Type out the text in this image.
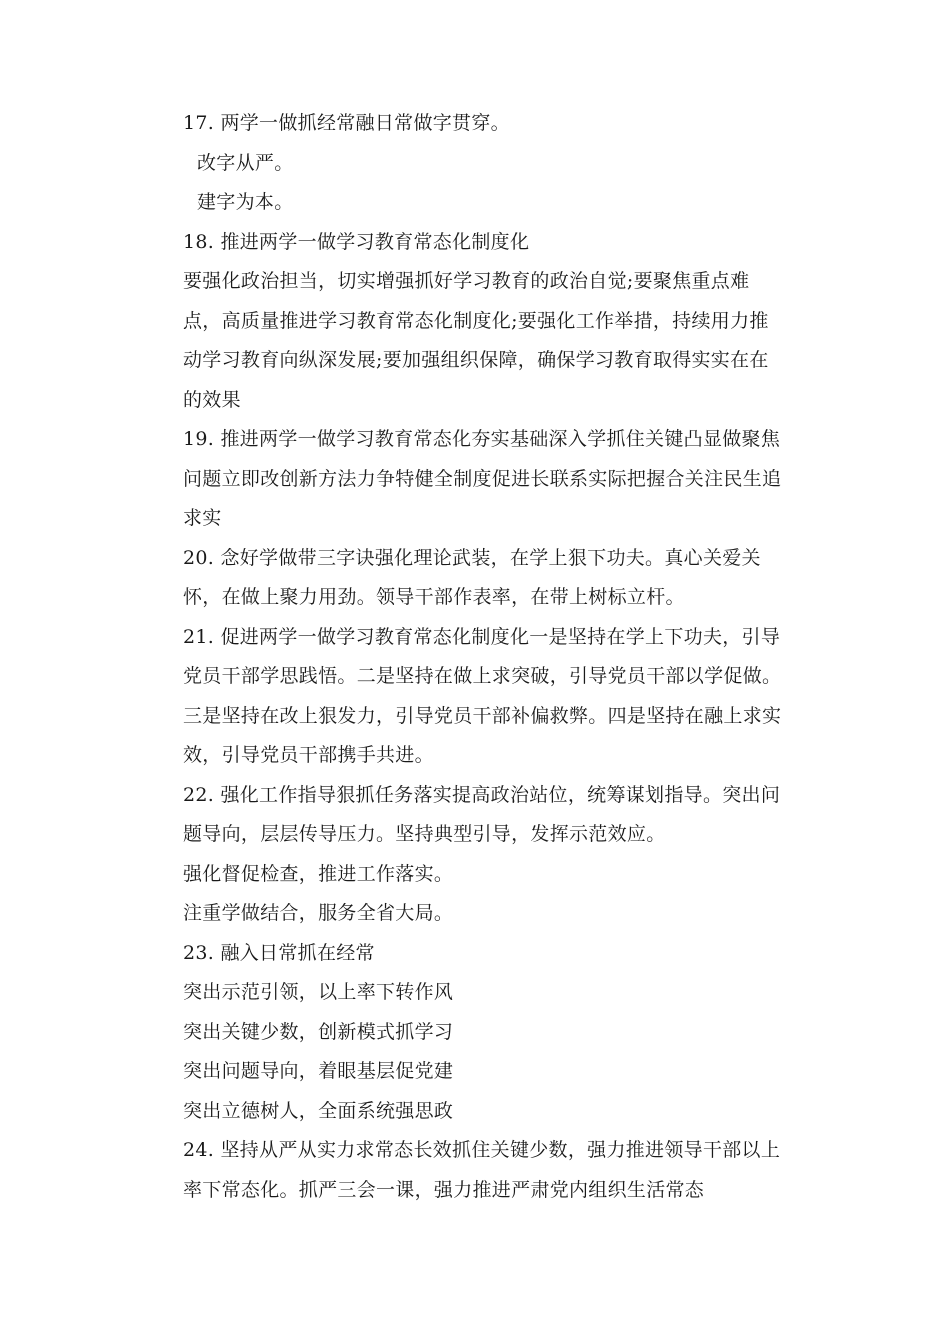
17. 两学一做抓经常融日常做字贯穿。

改字从严。

建字为本。

18. 推进两学一做学习教育常态化制度化

要强化政治担当，切实增强抓好学习教育的政治自觉;要聚焦重点难点，高质量推进学习教育常态化制度化;要强化工作举措，持续用力推动学习教育向纵深发展;要加强组织保障，确保学习教育取得实实在在的效果

19. 推进两学一做学习教育常态化夯实基础深入学抓住关键凸显做聚焦问题立即改创新方法力争特健全制度促进长联系实际把握合关注民生追求实

20. 念好学做带三字诀强化理论武装，在学上狠下功夫。真心关爱关怀，在做上聚力用劲。领导干部作表率，在带上树标立杆。

21. 促进两学一做学习教育常态化制度化一是坚持在学上下功夫，引导党员干部学思践悟。二是坚持在做上求突破，引导党员干部以学促做。三是坚持在改上狠发力，引导党员干部补偏救弊。四是坚持在融上求实效，引导党员干部携手共进。

22. 强化工作指导狠抓任务落实提高政治站位，统筹谋划指导。突出问题导向，层层传导压力。坚持典型引导，发挥示范效应。

强化督促检查，推进工作落实。

注重学做结合，服务全省大局。

23. 融入日常抓在经常

突出示范引领，以上率下转作风

突出关键少数，创新模式抓学习

突出问题导向，着眼基层促党建

突出立德树人，全面系统强思政

24. 坚持从严从实力求常态长效抓住关键少数，强力推进领导干部以上率下常态化。抓严三会一课，强力推进严肃党内组织生活常态
